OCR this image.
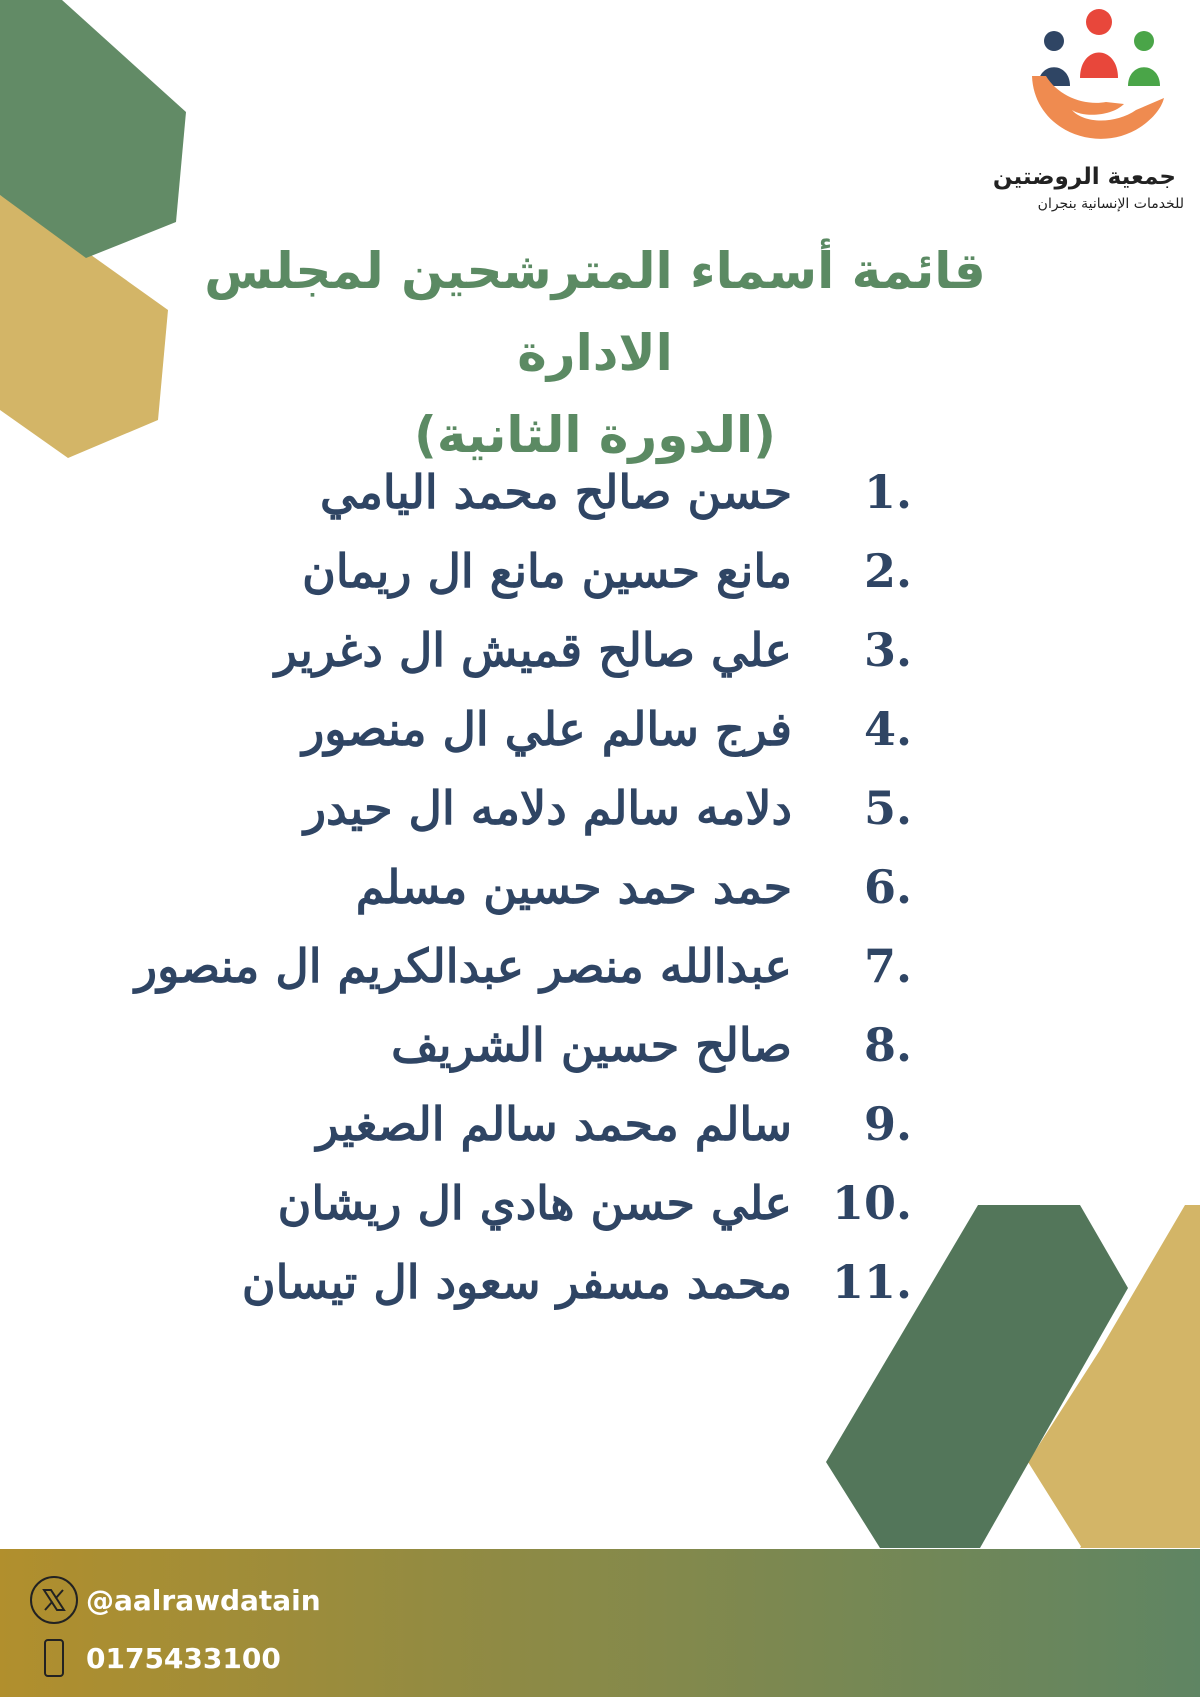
جمعية الروضتين
للخدمات الإنسانية بنجران
قائمة أسماء المترشحين لمجلس الادارة
(الدورة الثانية)
1.
حسن صالح محمد اليامي
2.
مانع حسين مانع ال ريمان
3.
علي صالح قميش ال دغرير
4.
فرج سالم علي ال منصور
5.
دلامه سالم دلامه ال حيدر
6.
حمد حمد حسين مسلم
7.
عبدالله منصر عبدالكريم ال منصور
8.
صالح حسين الشريف
9.
سالم محمد سالم الصغير
10.
علي حسن هادي ال ريشان
11.
محمد مسفر سعود ال تيسان
@aalrawdatain
0175433100
